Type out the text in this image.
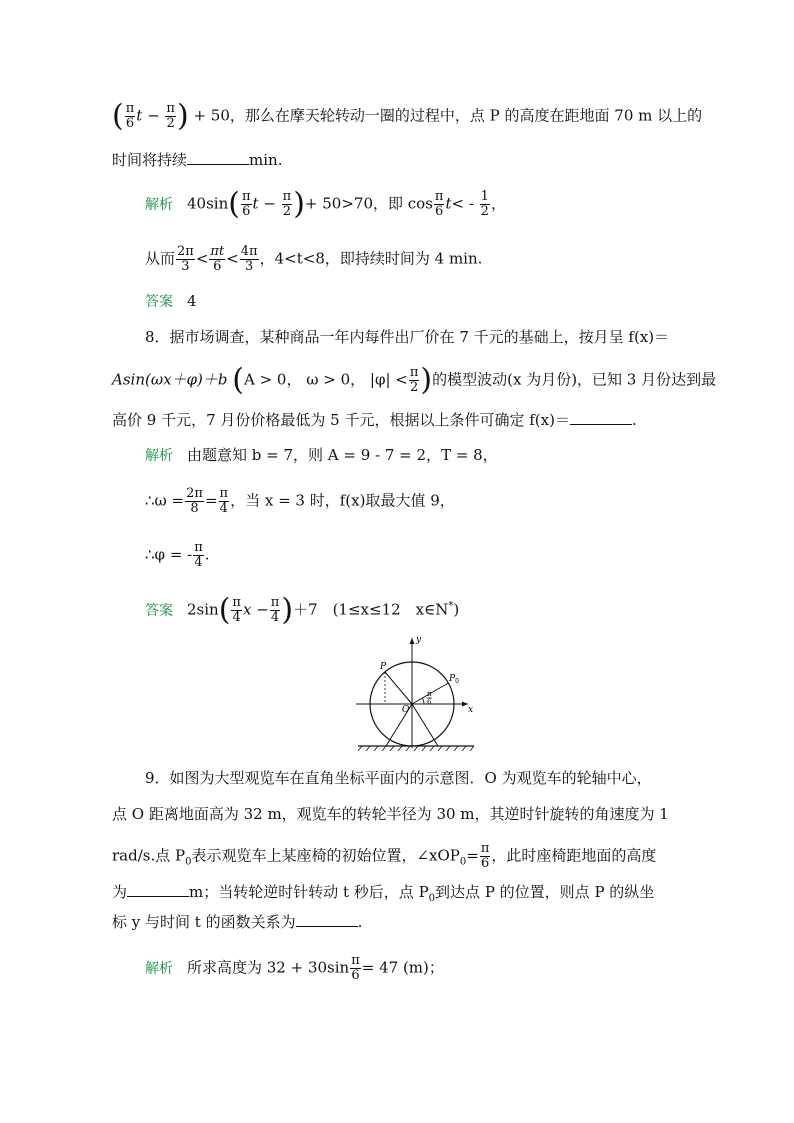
( $\frac{\pi}{6}$ $t - \frac{\pi}{2}$ ) + 50，那么在摩天轮转动一圈的过程中，点 P 的高度在距地面 70 m 以上的
时间将持续	min.
解析 $40\sin( \frac{\pi}{6}$ $t - \frac{\pi}{2}$ )+ 50>70，即 $\cos \frac{\pi}{6} t< - \frac{1}{2}$ ，
从而 $\frac{2\pi}{3} < \frac{\pi t}{6} < \frac{4\pi}{3}$ ，4<t<8，即持续时间为 4 min.
答案 4
8．据市场调查，某种商品一年内每件出厂价在 7 千元的基础上，按月呈 f(x)＝
Asin(ωx＋φ)＋b (A > 0， ω > 0， $|\varphi| < \frac{\pi}{2}$ )的模型波动(x 为月份)，已知 3 月份达到最
高价 9 千元，7 月份价格最低为 5 千元，根据以上条件可确定 f(x)＝	.
解析 由题意知 b = 7，则 A = 9 - 7 = 2，T = 8，
∴ω = $\frac{2\pi}{8} = \frac{\pi}{4}$ ，当 x = 3 时，f(x)取最大值 9，
∴φ = - $\frac{\pi}{4}$ .
答案 $2\sin( \frac{\pi}{4}$ $x - \frac{\pi}{4} )+7$　(1≤x≤12　x∈N*)
y
x
O
P
$P_0$
π
6
9．如图为大型观览车在直角坐标平面内的示意图．O 为观览车的轮轴中心，
点 O 距离地面高为 32 m，观览车的转轮半径为 30 m，其逆时针旋转的角速度为 1
rad/s.点 $P_0$表示观览车上某座椅的初始位置，∠xOP$_0$= $\frac{\pi}{6}$ ，此时座椅距地面的高度
为	m；当转轮逆时针转动 t 秒后，点 $P_0$到达点 P 的位置，则点 P 的纵坐
标 y 与时间 t 的函数关系为	.
解析 所求高度为 $32 + 30\sin \frac{\pi}{6} = 47$ (m)；
